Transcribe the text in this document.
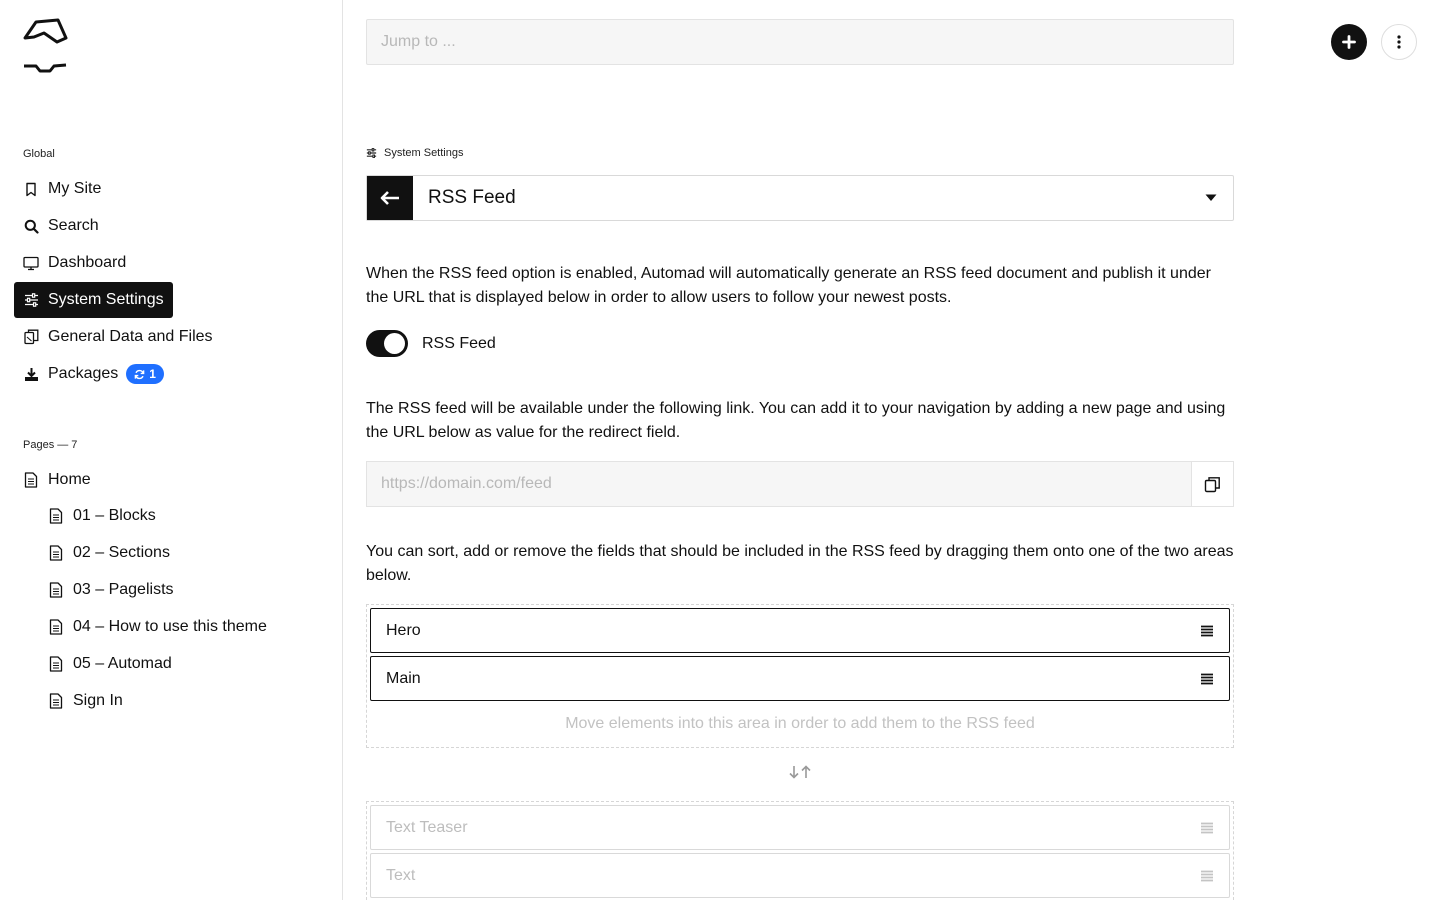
Global
My Site
Search
Dashboard
System Settings
General Data and Files
Packages	1
Pages — 7
Home
01 – Blocks
02 – Sections
03 – Pagelists
04 – How to use this theme
05 – Automad
Sign In
Jump to ...
System Settings
RSS Feed

When the RSS feed option is enabled, Automad will automatically generate an RSS feed document and publish it under the URL that is displayed below in order to allow users to follow your newest posts.

RSS Feed

The RSS feed will be available under the following link. You can add it to your navigation by adding a new page and using the URL below as value for the redirect field.

https://domain.com/feed

You can sort, add or remove the fields that should be included in the RSS feed by dragging them onto one of the two areas below.

Hero
Main
Move elements into this area in order to add them to the RSS feed
Text Teaser
Text
